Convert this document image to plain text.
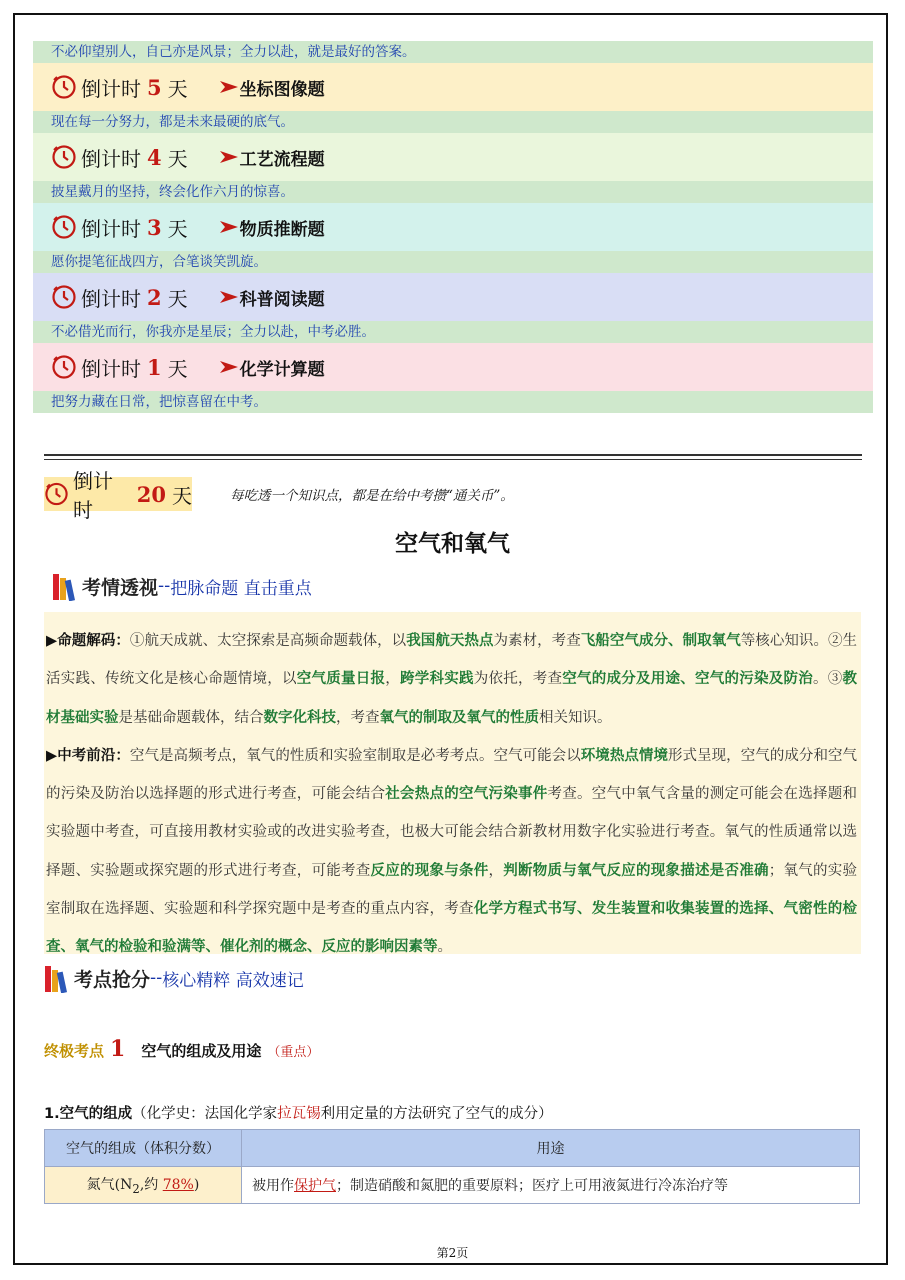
不必仰望别人，自己亦是风景；全力以赴，就是最好的答案。
倒计时 5 天	坐标图像题
现在每一分努力，都是未来最硬的底气。
倒计时 4 天	工艺流程题
披星戴月的坚持，终会化作六月的惊喜。
倒计时 3 天	物质推断题
愿你提笔征战四方，合笔谈笑凯旋。
倒计时 2 天	科普阅读题
不必借光而行，你我亦是星辰；全力以赴，中考必胜。
倒计时 1 天	化学计算题
把努力藏在日常，把惊喜留在中考。
倒计时
20 天	每吃透一个知识点，都是在给中考攒“通关币”。
空气和氧气
考情透视 -- 把脉命题 直击重点

▶命题解码：①航天成就、太空探索是高频命题载体，以我国航天热点为素材，考查飞船空气成分、制取氧气等核心知识。②生活实践、传统文化是核心命题情境，以空气质量日报，跨学科实践为依托，考查空气的成分及用途、空气的污染及防治。③教材基础实验是基础命题载体，结合数字化科技，考查氧气的制取及氧气的性质相关知识。

▶中考前沿：空气是高频考点，氧气的性质和实验室制取是必考考点。空气可能会以环境热点情境形式呈现，空气的成分和空气的污染及防治以选择题的形式进行考查，可能会结合社会热点的空气污染事件考查。空气中氧气含量的测定可能会在选择题和实验题中考查，可直接用教材实验或的改进实验考查，也极大可能会结合新教材用数字化实验进行考查。氧气的性质通常以选择题、实验题或探究题的形式进行考查，可能考查反应的现象与条件，判断物质与氧气反应的现象描述是否准确；氧气的实验室制取在选择题、实验题和科学探究题中是考查的重点内容，考查化学方程式书写、发生装置和收集装置的选择、气密性的检查、氧气的检验和验满等、催化剂的概念、反应的影响因素等。

考点抢分 -- 核心精粹 高效速记
终极考点 1 空气的组成及用途 （重点）
1.空气的组成（化学史：法国化学家拉瓦锡利用定量的方法研究了空气的成分）
空气的组成（体积分数）	用途
氮气($N_2$,约 78%)	被用作保护气；制造硝酸和氮肥的重要原料；医疗上可用液氮进行冷冻治疗等
第2页
